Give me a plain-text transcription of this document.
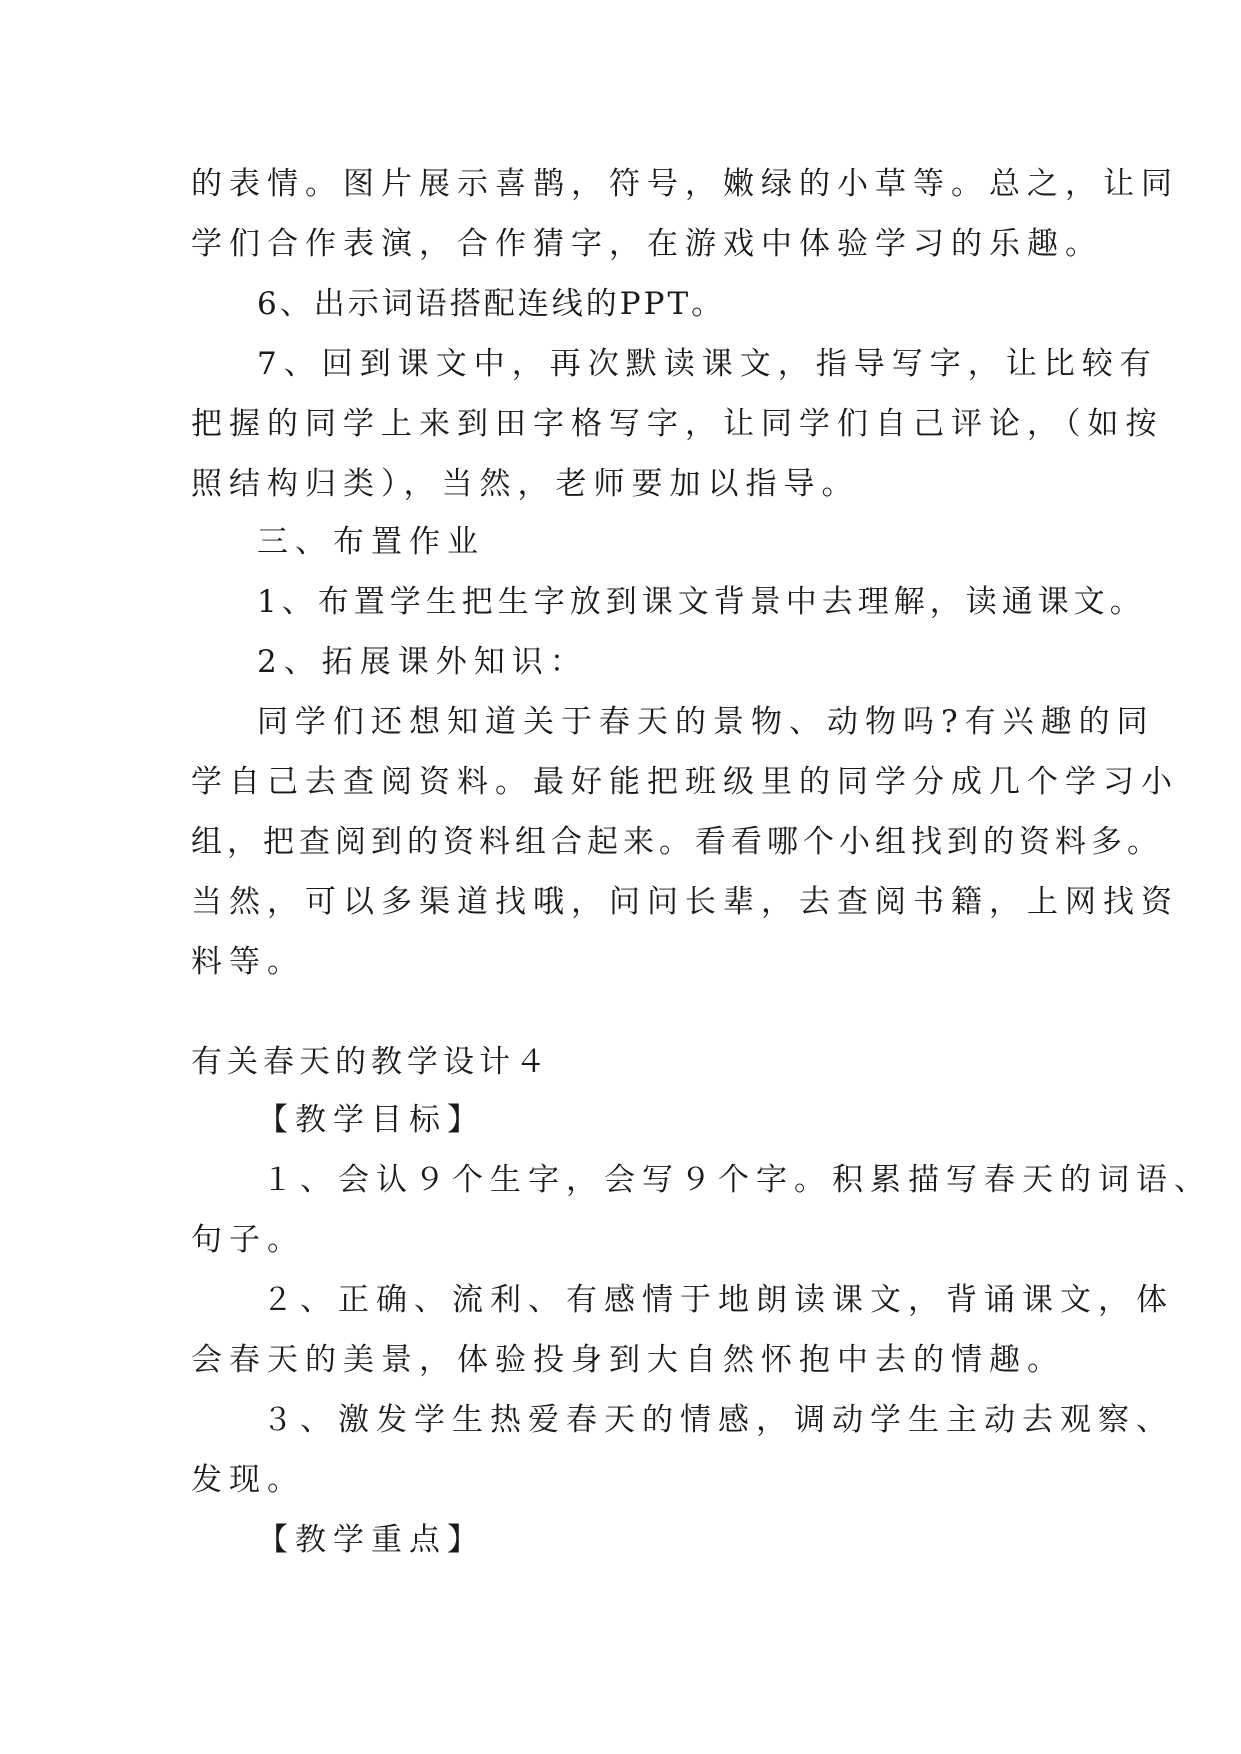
的表情。图片展示喜鹊，符号，嫩绿的小草等。总之，让同

学们合作表演，合作猜字，在游戏中体验学习的乐趣。

6、出示词语搭配连线的PPT。

7、回到课文中，再次默读课文，指导写字，让比较有

把握的同学上来到田字格写字，让同学们自己评论，（如按

照结构归类），当然，老师要加以指导。

三、布置作业

1、布置学生把生字放到课文背景中去理解，读通课文。

2、拓展课外知识：

同学们还想知道关于春天的景物、动物吗?有兴趣的同

学自己去查阅资料。最好能把班级里的同学分成几个学习小

组，把查阅到的资料组合起来。看看哪个小组找到的资料多。

当然，可以多渠道找哦，问问长辈，去查阅书籍，上网找资

料等。

有关春天的教学设计４

【教学目标】

１、会认９个生字，会写９个字。积累描写春天的词语、

句子。

２、正确、流利、有感情于地朗读课文，背诵课文，体

会春天的美景，体验投身到大自然怀抱中去的情趣。

３、激发学生热爱春天的情感，调动学生主动去观察、

发现。

【教学重点】
